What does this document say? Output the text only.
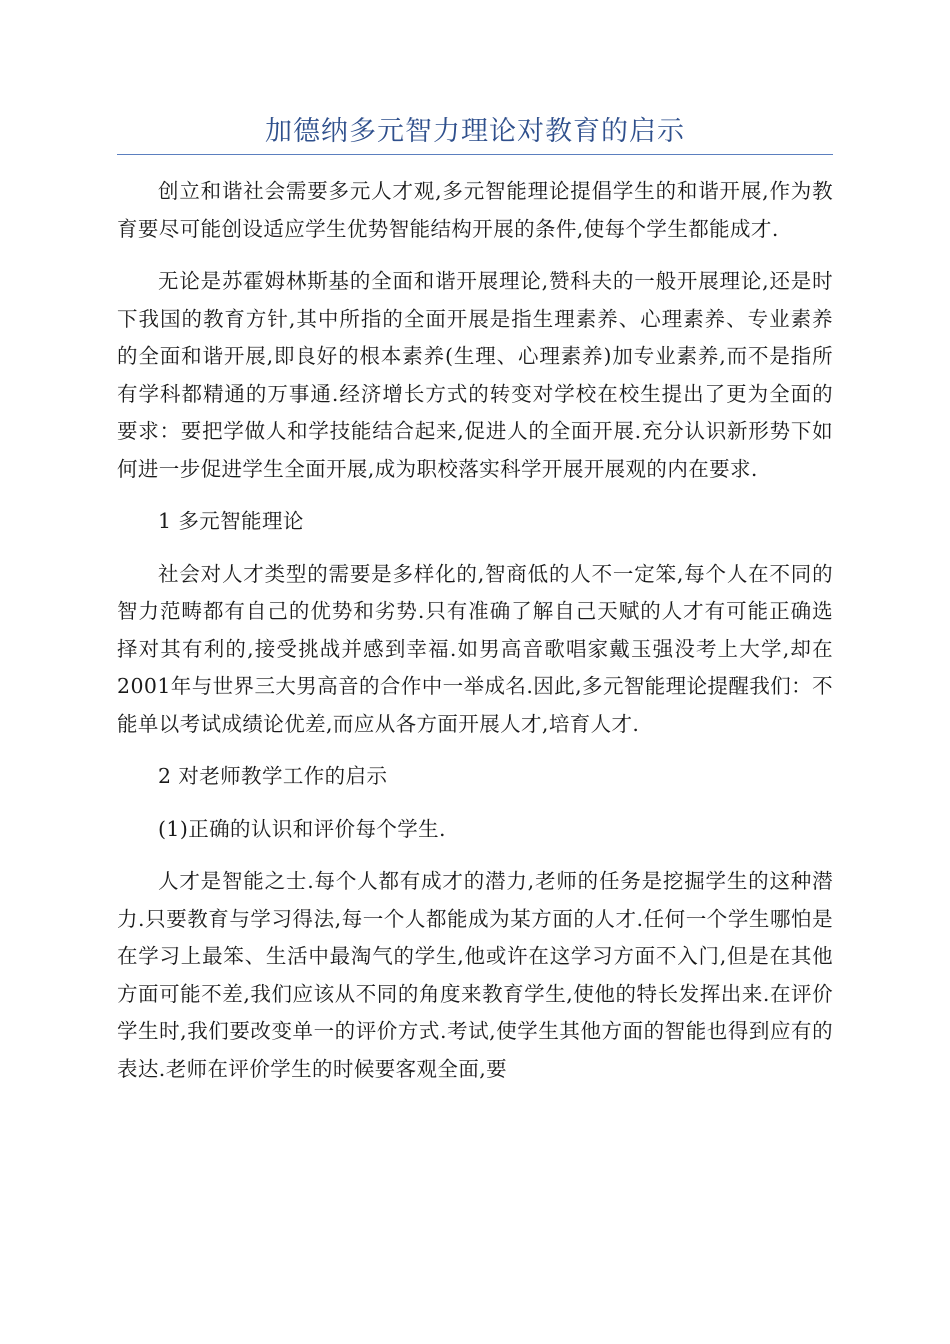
加德纳多元智力理论对教育的启示

创立和谐社会需要多元人才观,多元智能理论提倡学生的和谐开展,作为教育要尽可能创设适应学生优势智能结构开展的条件,使每个学生都能成才.

无论是苏霍姆林斯基的全面和谐开展理论,赞科夫的一般开展理论,还是时下我国的教育方针,其中所指的全面开展是指生理素养、心理素养、专业素养的全面和谐开展,即良好的根本素养(生理、心理素养)加专业素养,而不是指所有学科都精通的万事通.经济增长方式的转变对学校在校生提出了更为全面的要求：要把学做人和学技能结合起来,促进人的全面开展.充分认识新形势下如何进一步促进学生全面开展,成为职校落实科学开展开展观的内在要求.

1 多元智能理论

社会对人才类型的需要是多样化的,智商低的人不一定笨,每个人在不同的智力范畴都有自己的优势和劣势.只有准确了解自己天赋的人才有可能正确选择对其有利的,接受挑战并感到幸福.如男高音歌唱家戴玉强没考上大学,却在2001年与世界三大男高音的合作中一举成名.因此,多元智能理论提醒我们：不能单以考试成绩论优差,而应从各方面开展人才,培育人才.

2 对老师教学工作的启示

(1)正确的认识和评价每个学生.

人才是智能之士.每个人都有成才的潜力,老师的任务是挖掘学生的这种潜力.只要教育与学习得法,每一个人都能成为某方面的人才.任何一个学生哪怕是在学习上最笨、生活中最淘气的学生,他或许在这学习方面不入门,但是在其他方面可能不差,我们应该从不同的角度来教育学生,使他的特长发挥出来.在评价学生时,我们要改变单一的评价方式.考试,使学生其他方面的智能也得到应有的表达.老师在评价学生的时候要客观全面,要
